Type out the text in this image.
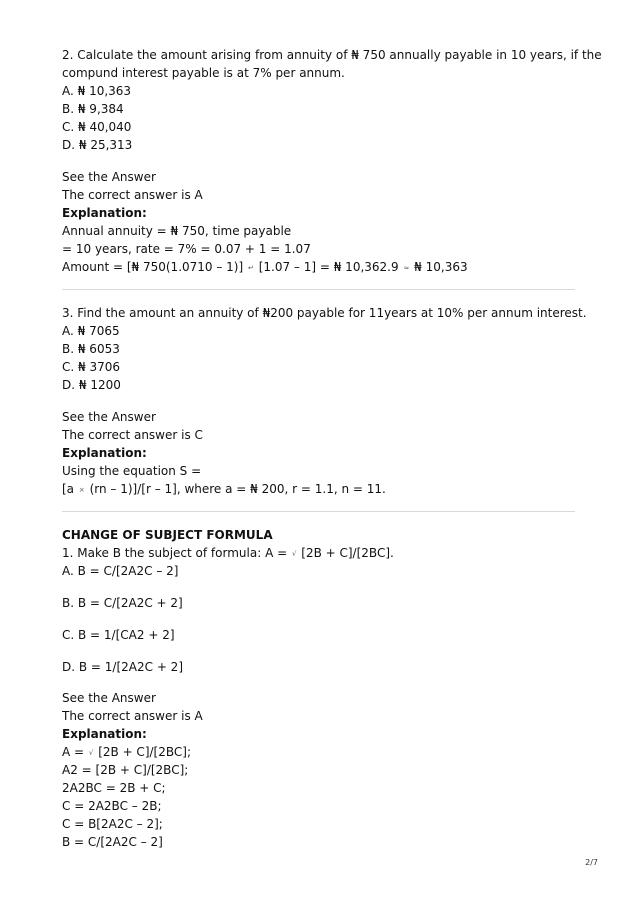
2. Calculate the amount arising from annuity of ₦ 750 annually payable in 10 years, if the
compund interest payable is at 7% per annum.
A. ₦ 10,363
B. ₦ 9,384
C. ₦ 40,040
D. ₦ 25,313
See the Answer
The correct answer is A
Explanation:
Annual annuity = ₦ 750, time payable
= 10 years, rate = 7% = 0.07 + 1 = 1.07
Amount = [₦ 750(1.0710 – 1)] ↵ [1.07 – 1] = ₦ 10,362.9 ≈ ₦ 10,363
3. Find the amount an annuity of ₦200 payable for 11years at 10% per annum interest.
A. ₦ 7065
B. ₦ 6053
C. ₦ 3706
D. ₦ 1200
See the Answer
The correct answer is C
Explanation:
Using the equation S =
[a × (rn – 1)]/[r – 1], where a = ₦ 200, r = 1.1, n = 11.
CHANGE OF SUBJECT FORMULA
1. Make B the subject of formula: A = √ [2B + C]/[2BC].
A. B = C/[2A2C – 2]
B. B = C/[2A2C + 2]
C. B = 1/[CA2 + 2]
D. B = 1/[2A2C + 2]
See the Answer
The correct answer is A
Explanation:
A = √ [2B + C]/[2BC];
A2 = [2B + C]/[2BC];
2A2BC = 2B + C;
C = 2A2BC – 2B;
C = B[2A2C – 2];
B = C/[2A2C – 2]
2/7
